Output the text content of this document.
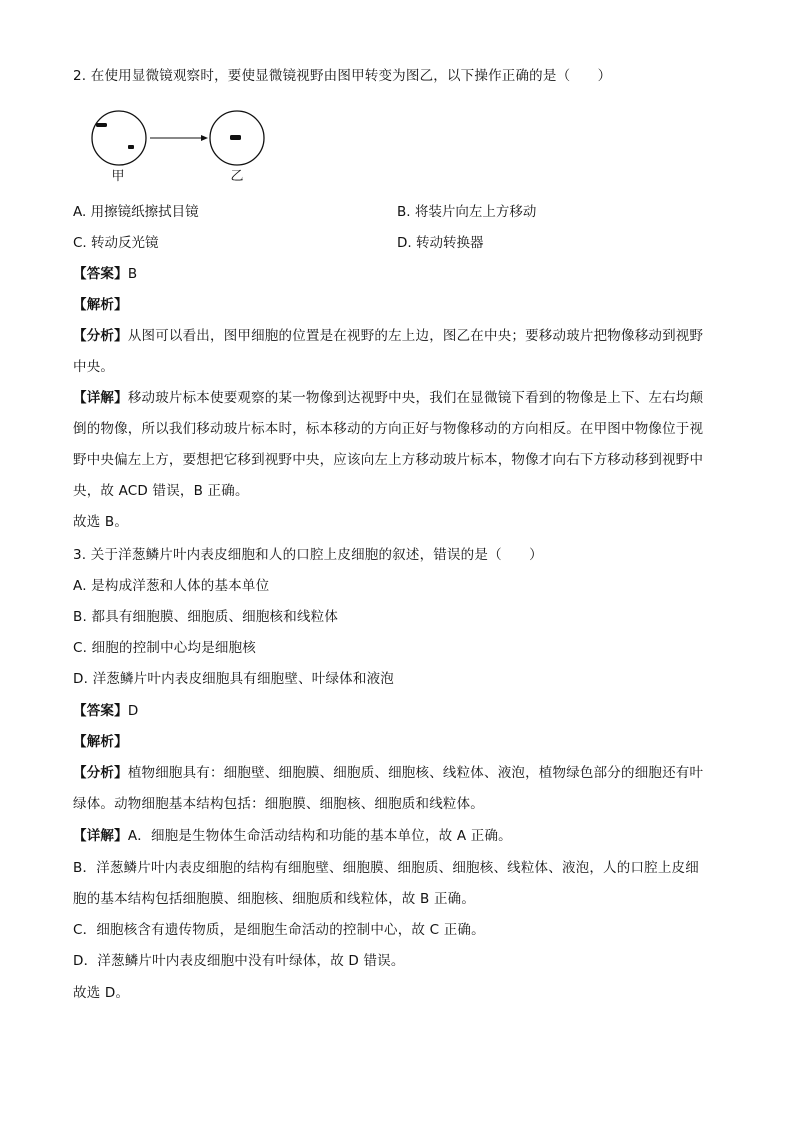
2. 在使用显微镜观察时，要使显微镜视野由图甲转变为图乙，以下操作正确的是（　　）
甲	乙
A. 用擦镜纸擦拭目镜	B. 将装片向左上方移动
C. 转动反光镜	D. 转动转换器
【答案】B
【解析】
【分析】从图可以看出，图甲细胞的位置是在视野的左上边，图乙在中央；要移动玻片把物像移动到视野
中央。
【详解】移动玻片标本使要观察的某一物像到达视野中央，我们在显微镜下看到的物像是上下、左右均颠
倒的物像，所以我们移动玻片标本时，标本移动的方向正好与物像移动的方向相反。在甲图中物像位于视
野中央偏左上方，要想把它移到视野中央，应该向左上方移动玻片标本，物像才向右下方移动移到视野中
央，故 ACD 错误，B 正确。
故选 B。
3. 关于洋葱鳞片叶内表皮细胞和人的口腔上皮细胞的叙述，错误的是（　　）
A. 是构成洋葱和人体的基本单位
B. 都具有细胞膜、细胞质、细胞核和线粒体
C. 细胞的控制中心均是细胞核
D. 洋葱鳞片叶内表皮细胞具有细胞壁、叶绿体和液泡
【答案】D
【解析】
【分析】植物细胞具有：细胞壁、细胞膜、细胞质、细胞核、线粒体、液泡，植物绿色部分的细胞还有叶
绿体。动物细胞基本结构包括：细胞膜、细胞核、细胞质和线粒体。
【详解】A．细胞是生物体生命活动结构和功能的基本单位，故 A 正确。
B．洋葱鳞片叶内表皮细胞的结构有细胞壁、细胞膜、细胞质、细胞核、线粒体、液泡，人的口腔上皮细
胞的基本结构包括细胞膜、细胞核、细胞质和线粒体，故 B 正确。
C．细胞核含有遗传物质，是细胞生命活动的控制中心，故 C 正确。
D．洋葱鳞片叶内表皮细胞中没有叶绿体，故 D 错误。
故选 D。
